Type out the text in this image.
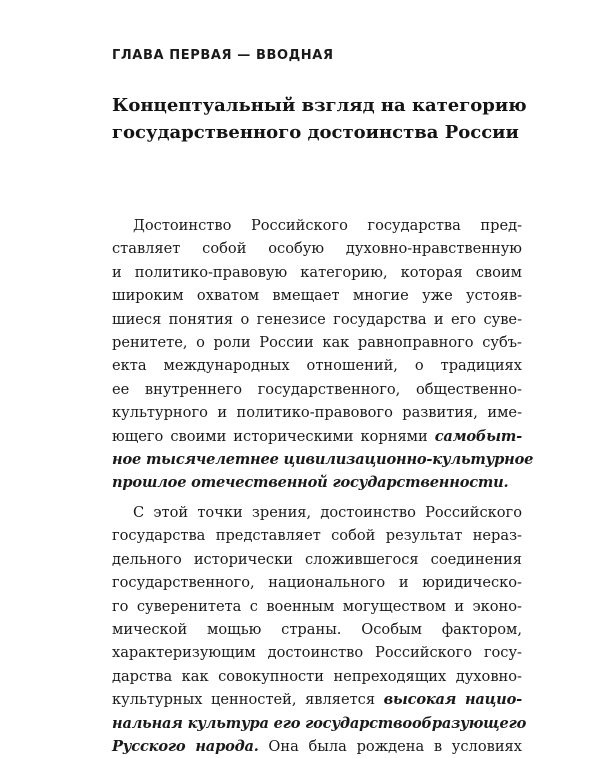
ГЛАВА ПЕРВАЯ — ВВОДНАЯ
Концептуальный взгляд на категорию
государственного достоинства России
Достоинство Российского государства пред-
ставляет собой особую духовно-нравственную
и политико-правовую категорию, которая своим
широким охватом вмещает многие уже устояв-
шиеся понятия о генезисе государства и его суве-
ренитете, о роли России как равноправного субъ-
екта международных отношений, о традициях
ее внутреннего государственного, общественно-
культурного и политико-правового развития, име-
ющего своими историческими корнями самобыт-
ное тысячелетнее цивилизационно-культурное
прошлое отечественной государственности.
С этой точки зрения, достоинство Российского
государства представляет собой результат нераз-
дельного исторически сложившегося соединения
государственного, национального и юридическо-
го суверенитета с военным могуществом и эконо-
мической мощью страны. Особым фактором,
характеризующим достоинство Российского госу-
дарства как совокупности непреходящих духовно-
культурных ценностей, является высокая нацио-
нальная культура его государствообразующего
Русского народа. Она была рождена в условиях
